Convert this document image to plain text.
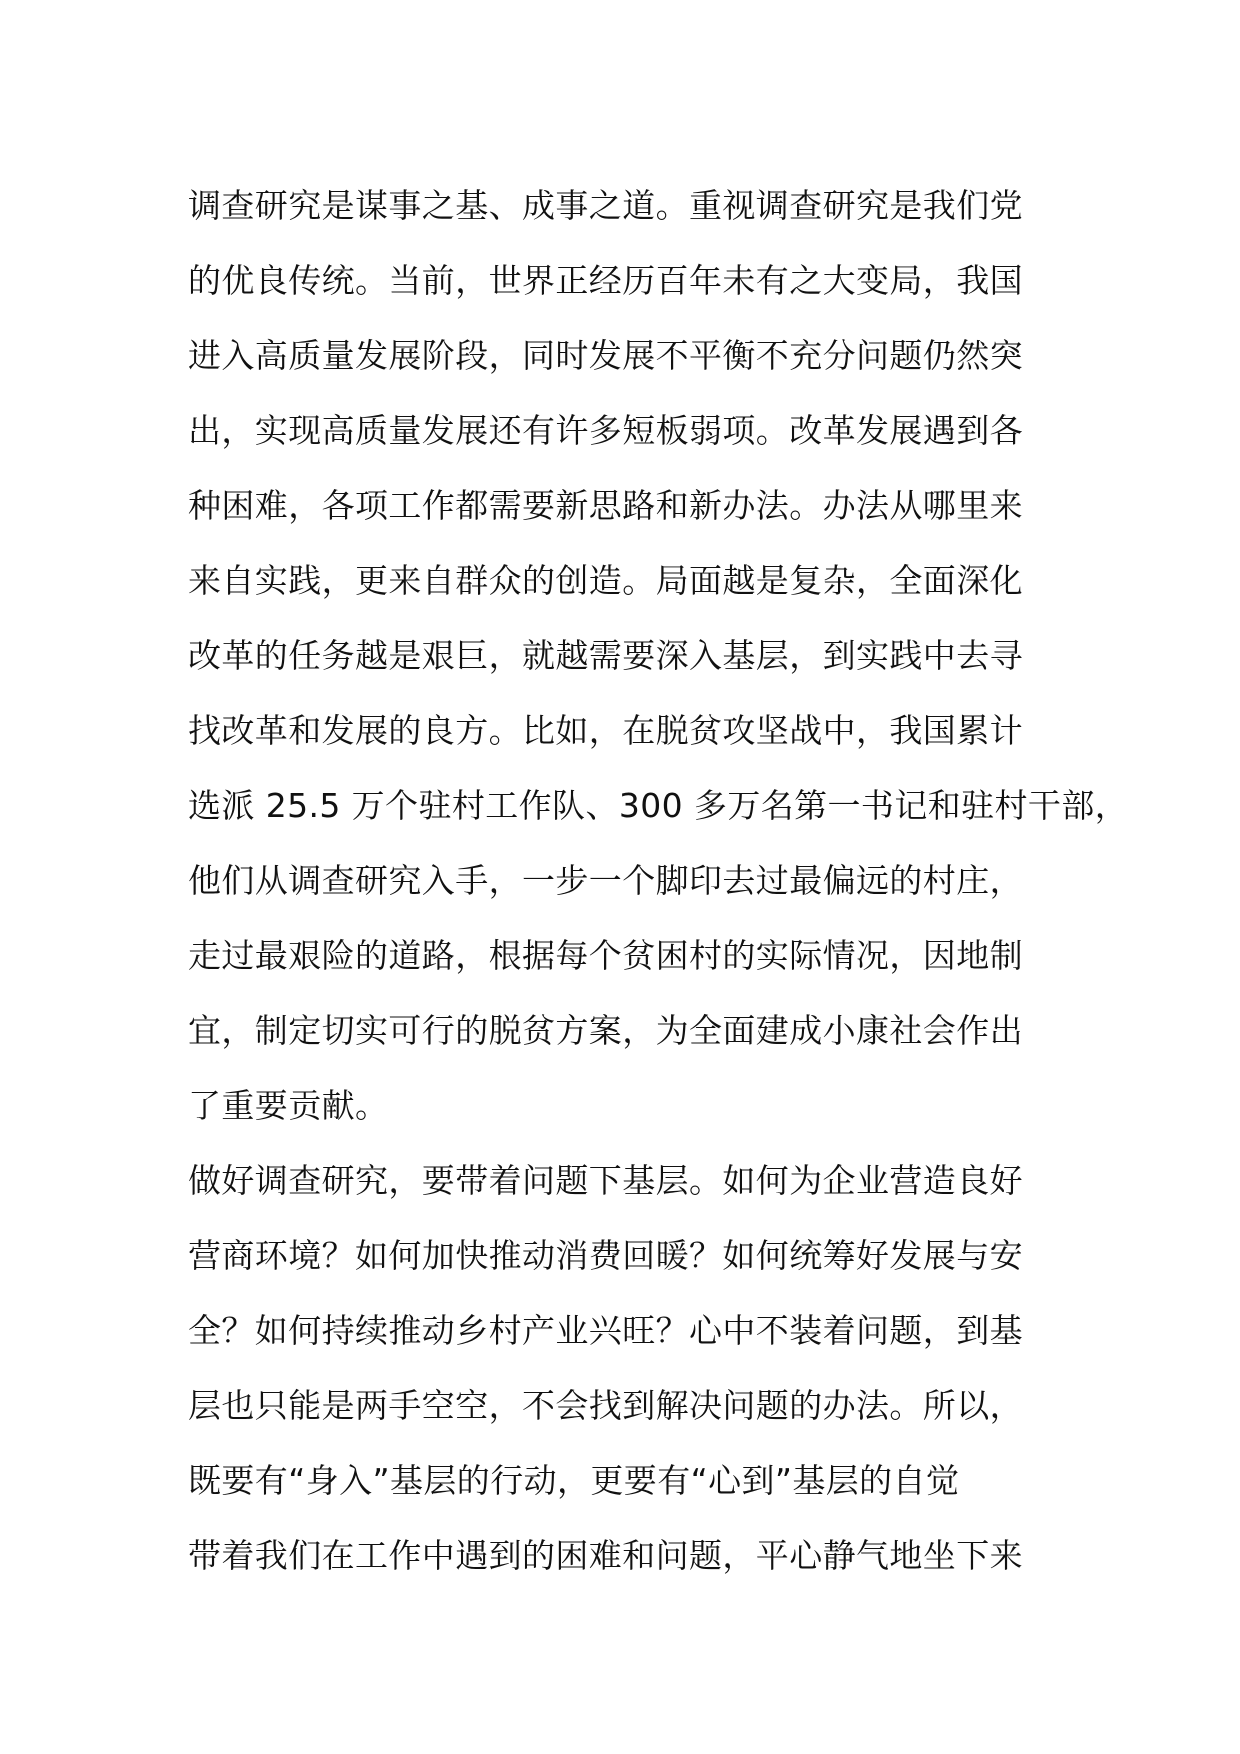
调查研究是谋事之基、成事之道。重视调查研究是我们党
的优良传统。当前，世界正经历百年未有之大变局，我国
进入高质量发展阶段，同时发展不平衡不充分问题仍然突
出，实现高质量发展还有许多短板弱项。改革发展遇到各
种困难，各项工作都需要新思路和新办法。办法从哪里来
来自实践，更来自群众的创造。局面越是复杂，全面深化
改革的任务越是艰巨，就越需要深入基层，到实践中去寻
找改革和发展的良方。比如，在脱贫攻坚战中，我国累计
选派 25.5 万个驻村工作队、300 多万名第一书记和驻村干部，
他们从调查研究入手，一步一个脚印去过最偏远的村庄，
走过最艰险的道路，根据每个贫困村的实际情况，因地制
宜，制定切实可行的脱贫方案，为全面建成小康社会作出
了重要贡献。
做好调查研究，要带着问题下基层。如何为企业营造良好
营商环境？如何加快推动消费回暖？如何统筹好发展与安
全？如何持续推动乡村产业兴旺？心中不装着问题，到基
层也只能是两手空空，不会找到解决问题的办法。所以，
既要有“身入”基层的行动，更要有“心到”基层的自觉
带着我们在工作中遇到的困难和问题，平心静气地坐下来
